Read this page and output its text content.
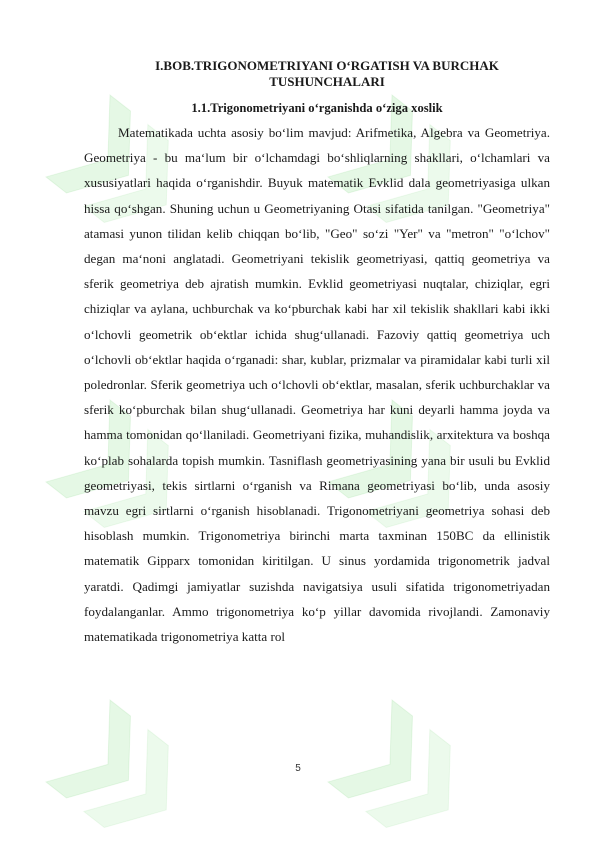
I.BOB.TRIGONOMETRIYANI O‘RGATISH VA BURCHAK TUSHUNCHALARI
1.1.Trigonometriyani o‘rganishda o‘ziga xoslik

Matematikada uchta asosiy bo‘lim mavjud: Arifmetika, Algebra va Geometriya. Geometriya - bu ma‘lum bir o‘lchamdagi bo‘shliqlarning shakllari, o‘lchamlari va xususiyatlari haqida o‘rganishdir. Buyuk matematik Evklid dala geometriyasiga ulkan hissa qo‘shgan. Shuning uchun u Geometriyaning Otasi sifatida tanilgan. "Geometriya" atamasi yunon tilidan kelib chiqqan bo‘lib, "Geo" so‘zi "Yer" va "metron" "o‘lchov" degan ma‘noni anglatadi. Geometriyani tekislik geometriyasi, qattiq geometriya va sferik geometriya deb ajratish mumkin. Evklid geometriyasi nuqtalar, chiziqlar, egri chiziqlar va aylana, uchburchak va ko‘pburchak kabi har xil tekislik shakllari kabi ikki o‘lchovli geometrik ob‘ektlar ichida shug‘ullanadi. Fazoviy qattiq geometriya uch o‘lchovli ob‘ektlar haqida o‘rganadi: shar, kublar, prizmalar va piramidalar kabi turli xil poledronlar. Sferik geometriya uch o‘lchovli ob‘ektlar, masalan, sferik uchburchaklar va sferik ko‘pburchak bilan shug‘ullanadi. Geometriya har kuni deyarli hamma joyda va hamma tomonidan qo‘llaniladi. Geometriyani fizika, muhandislik, arxitektura va boshqa ko‘plab sohalarda topish mumkin. Tasniflash geometriyasining yana bir usuli bu Evklid geometriyasi, tekis sirtlarni o‘rganish va Rimana geometriyasi bo‘lib, unda asosiy mavzu egri sirtlarni o‘rganish hisoblanadi. Trigonometriyani geometriya sohasi deb hisoblash mumkin. Trigonometriya birinchi marta taxminan 150BC da ellinistik matematik Gipparx tomonidan kiritilgan. U sinus yordamida trigonometrik jadval yaratdi. Qadimgi jamiyatlar suzishda navigatsiya usuli sifatida trigonometriyadan foydalanganlar. Ammo trigonometriya ko‘p yillar davomida rivojlandi. Zamonaviy matematikada trigonometriya katta rol

5
